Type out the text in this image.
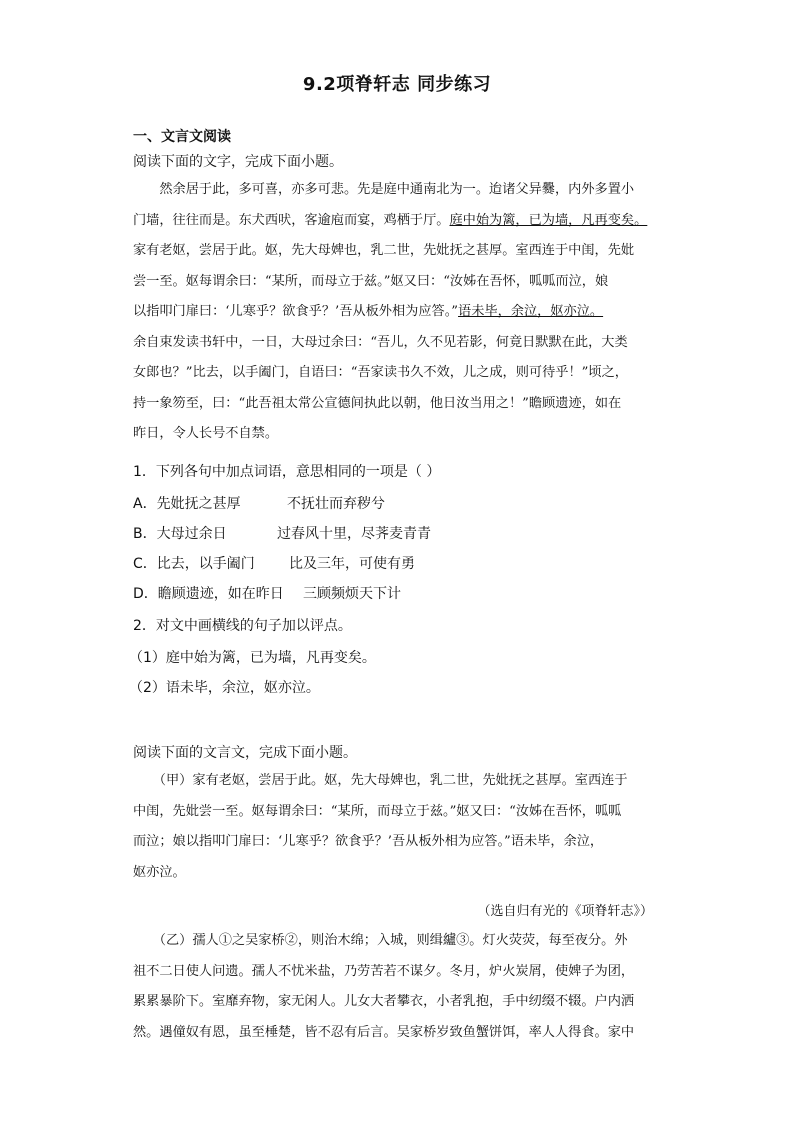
9.2项脊轩志 同步练习
一、文言文阅读
阅读下面的文字，完成下面小题。
　　然余居于此，多可喜，亦多可悲。先是庭中通南北为一。迨诸父异爨，内外多置小
门墙，往往而是。东犬西吠，客逾庖而宴，鸡栖于厅。庭中始为篱，已为墙，凡再变矣。
家有老妪，尝居于此。妪，先大母婢也，乳二世，先妣抚之甚厚。室西连于中闺，先妣
尝一至。妪每谓余曰：“某所，而母立于兹。”妪又曰：“汝姊在吾怀，呱呱而泣，娘
以指叩门扉曰：‘儿寒乎？欲食乎？’吾从板外相为应答。”语未毕，余泣，妪亦泣。
余自束发读书轩中，一日，大母过余曰：“吾儿，久不见若影，何竟日默默在此，大类
女郎也？”比去，以手阖门，自语曰：“吾家读书久不效，儿之成，则可待乎！”顷之，
持一象笏至，曰：“此吾祖太常公宣德间执此以朝，他日汝当用之！”瞻顾遗迹，如在
昨日，令人长号不自禁。
1．下列各句中加点词语，意思相同的一项是（ ）
A．先妣抚之甚厚	不抚壮而弃秽兮
B．大母过余日	过春风十里，尽荠麦青青
C．比去，以手阖门 比及三年，可使有勇
D．瞻顾遗迹，如在昨日 三顾频烦天下计
2．对文中画横线的句子加以评点。
（1）庭中始为篱，已为墙，凡再变矣。
（2）语未毕，余泣，妪亦泣。
阅读下面的文言文，完成下面小题。
　　（甲）家有老妪，尝居于此。妪，先大母婢也，乳二世，先妣抚之甚厚。室西连于
中闺，先妣尝一至。妪每谓余曰：“某所，而母立于兹。”妪又曰：“汝姊在吾怀，呱呱
而泣；娘以指叩门扉曰：‘儿寒乎？欲食乎？’吾从板外相为应答。”语未毕，余泣，
妪亦泣。
（选自归有光的《项脊轩志》）
　　（乙）孺人①之吴家桥②，则治木绵；入城，则缉纑③。灯火荧荧，每至夜分。外
祖不二日使人问遗。孺人不忧米盐，乃劳苦若不谋夕。冬月，炉火炭屑，使婢子为团，
累累暴阶下。室靡弃物，家无闲人。儿女大者攀衣，小者乳抱，手中纫缀不辍。户内洒
然。遇僮奴有恩，虽至棰楚，皆不忍有后言。吴家桥岁致鱼蟹饼饵，率人人得食。家中
